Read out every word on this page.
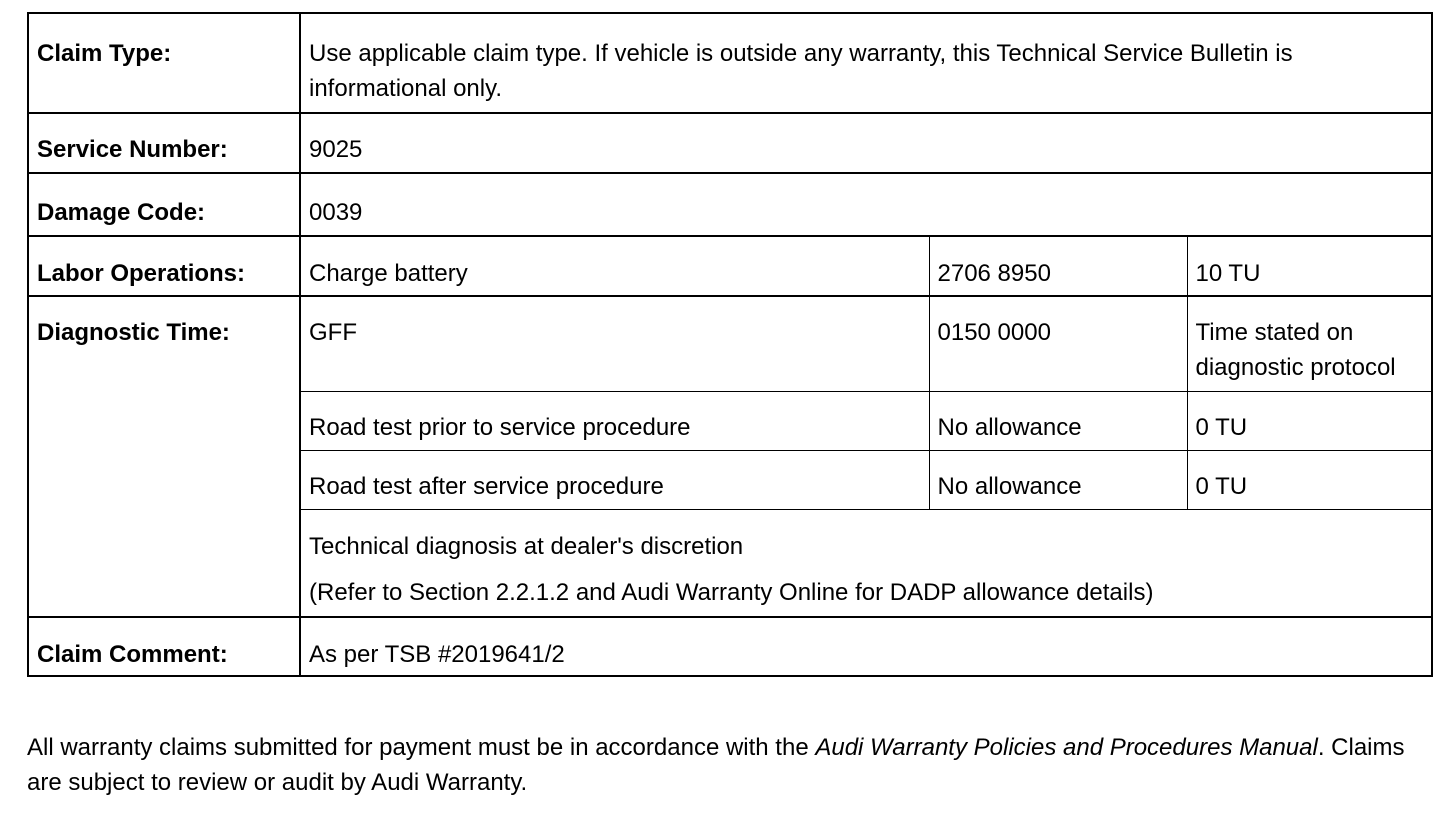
Claim Type:	Use applicable claim type. If vehicle is outside any warranty, this Technical Service Bulletin is informational only.		
Service Number:	9025		
Damage Code:	0039		
Labor Operations:	Charge battery	2706 8950	10 TU
Diagnostic Time:	GFF	0150 0000	Time stated on diagnostic protocol
	Road test prior to service procedure	No allowance	0 TU
	Road test after service procedure	No allowance	0 TU
	Technical diagnosis at dealer's discretion
(Refer to Section 2.2.1.2 and Audi Warranty Online for DADP allowance details)		

Claim Comment:	As per TSB #2019641/2		

All warranty claims submitted for payment must be in accordance with the Audi Warranty Policies and Procedures Manual. Claims are subject to review or audit by Audi Warranty.
